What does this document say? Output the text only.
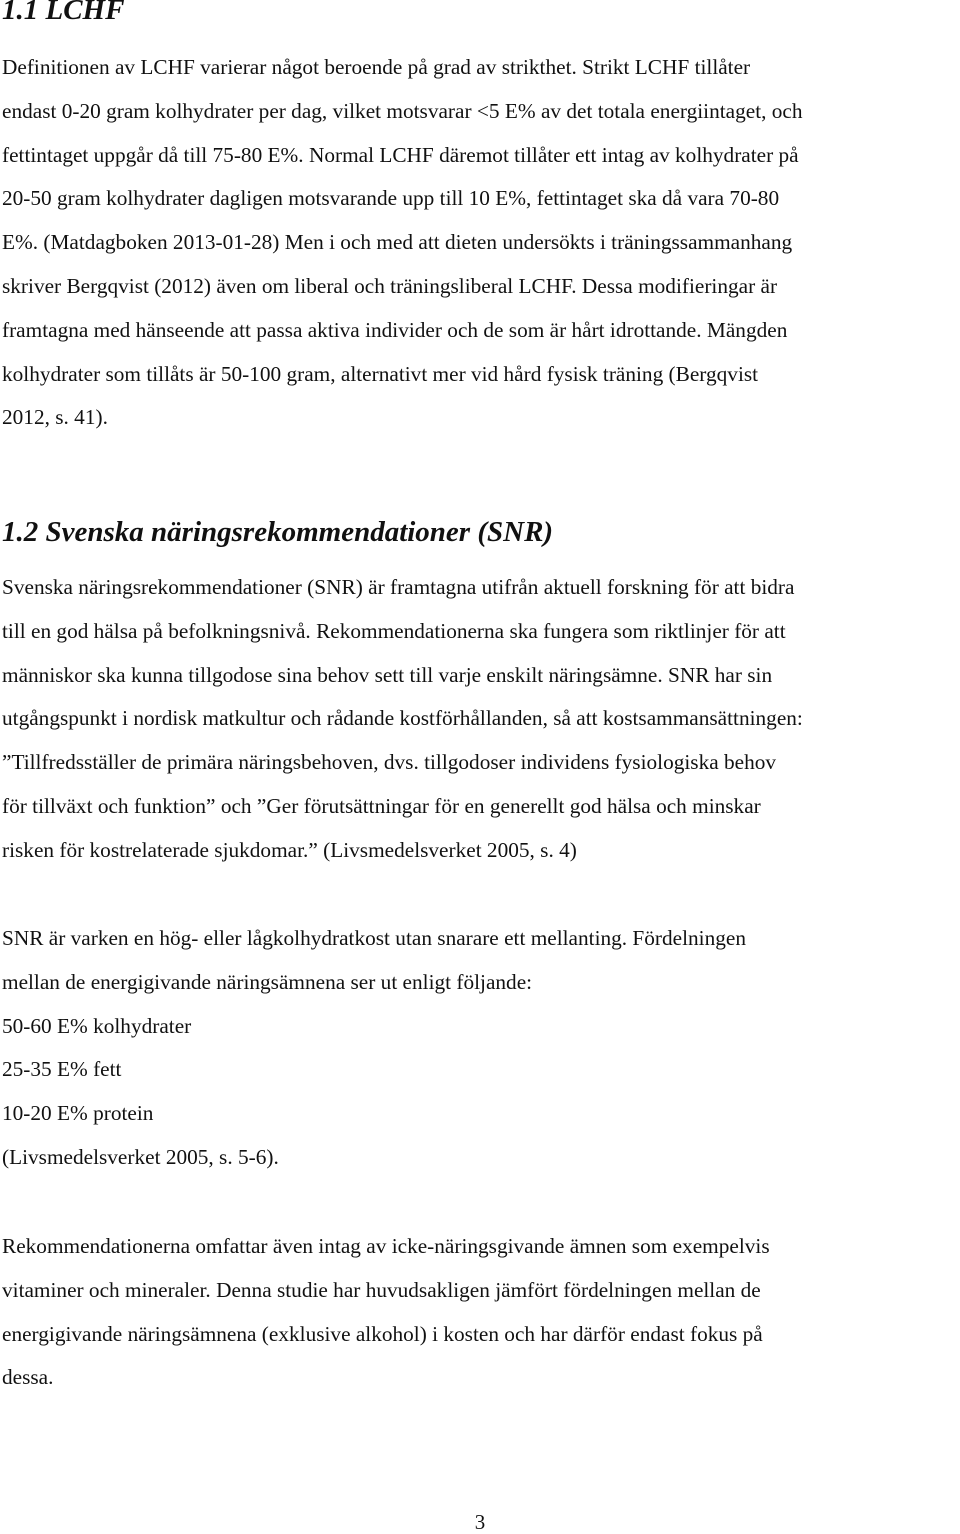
1.1 LCHF

Definitionen av LCHF varierar något beroende på grad av strikthet. Strikt LCHF tillåter
endast 0-20 gram kolhydrater per dag, vilket motsvarar <5 E% av det totala energiintaget, och
fettintaget uppgår då till 75-80 E%. Normal LCHF däremot tillåter ett intag av kolhydrater på
20-50 gram kolhydrater dagligen motsvarande upp till 10 E%, fettintaget ska då vara 70-80
E%. (Matdagboken 2013-01-28) Men i och med att dieten undersökts i träningssammanhang
skriver Bergqvist (2012) även om liberal och träningsliberal LCHF. Dessa modifieringar är
framtagna med hänseende att passa aktiva individer och de som är hårt idrottande. Mängden
kolhydrater som tillåts är 50-100 gram, alternativt mer vid hård fysisk träning (Bergqvist
2012, s. 41).

1.2 Svenska näringsrekommendationer (SNR)

Svenska näringsrekommendationer (SNR) är framtagna utifrån aktuell forskning för att bidra
till en god hälsa på befolkningsnivå. Rekommendationerna ska fungera som riktlinjer för att
människor ska kunna tillgodose sina behov sett till varje enskilt näringsämne. SNR har sin
utgångspunkt i nordisk matkultur och rådande kostförhållanden, så att kostsammansättningen:
”Tillfredsställer de primära näringsbehoven, dvs. tillgodoser individens fysiologiska behov
för tillväxt och funktion” och ”Ger förutsättningar för en generellt god hälsa och minskar
risken för kostrelaterade sjukdomar.” (Livsmedelsverket 2005, s. 4)

SNR är varken en hög- eller lågkolhydratkost utan snarare ett mellanting. Fördelningen
mellan de energigivande näringsämnena ser ut enligt följande:
50-60 E% kolhydrater
25-35 E% fett
10-20 E% protein
(Livsmedelsverket 2005, s. 5-6).

Rekommendationerna omfattar även intag av icke-näringsgivande ämnen som exempelvis
vitaminer och mineraler. Denna studie har huvudsakligen jämfört fördelningen mellan de
energigivande näringsämnena (exklusive alkohol) i kosten och har därför endast fokus på
dessa.

3
